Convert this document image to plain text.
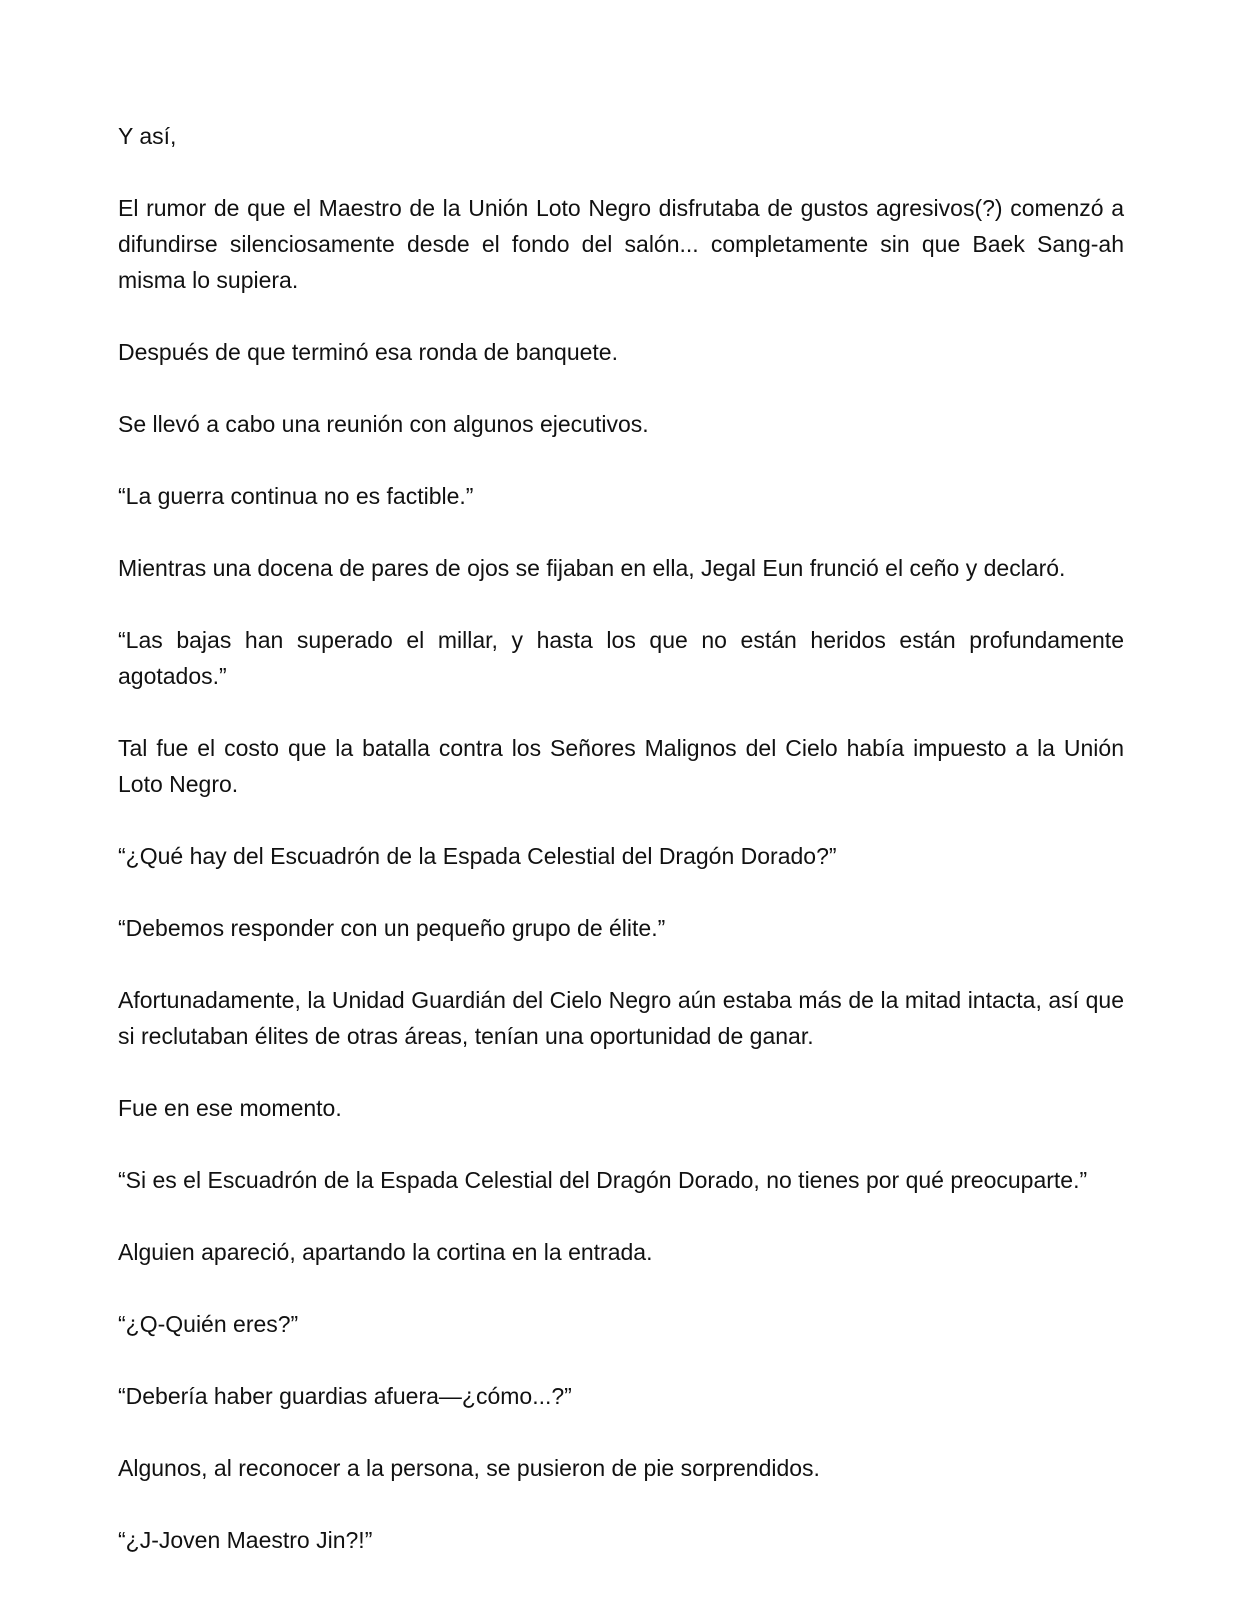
Y así,

El rumor de que el Maestro de la Unión Loto Negro disfrutaba de gustos agresivos(?) comenzó a difundirse silenciosamente desde el fondo del salón... completamente sin que Baek Sang-ah misma lo supiera.

Después de que terminó esa ronda de banquete.

Se llevó a cabo una reunión con algunos ejecutivos.

“La guerra continua no es factible.”

Mientras una docena de pares de ojos se fijaban en ella, Jegal Eun frunció el ceño y declaró.

“Las bajas han superado el millar, y hasta los que no están heridos están profundamente agotados.”

Tal fue el costo que la batalla contra los Señores Malignos del Cielo había impuesto a la Unión Loto Negro.

“¿Qué hay del Escuadrón de la Espada Celestial del Dragón Dorado?”

“Debemos responder con un pequeño grupo de élite.”

Afortunadamente, la Unidad Guardián del Cielo Negro aún estaba más de la mitad intacta, así que si reclutaban élites de otras áreas, tenían una oportunidad de ganar.

Fue en ese momento.

“Si es el Escuadrón de la Espada Celestial del Dragón Dorado, no tienes por qué preocuparte.”

Alguien apareció, apartando la cortina en la entrada.

“¿Q-Quién eres?”

“Debería haber guardias afuera—¿cómo...?”

Algunos, al reconocer a la persona, se pusieron de pie sorprendidos.

“¿J-Joven Maestro Jin?!”
